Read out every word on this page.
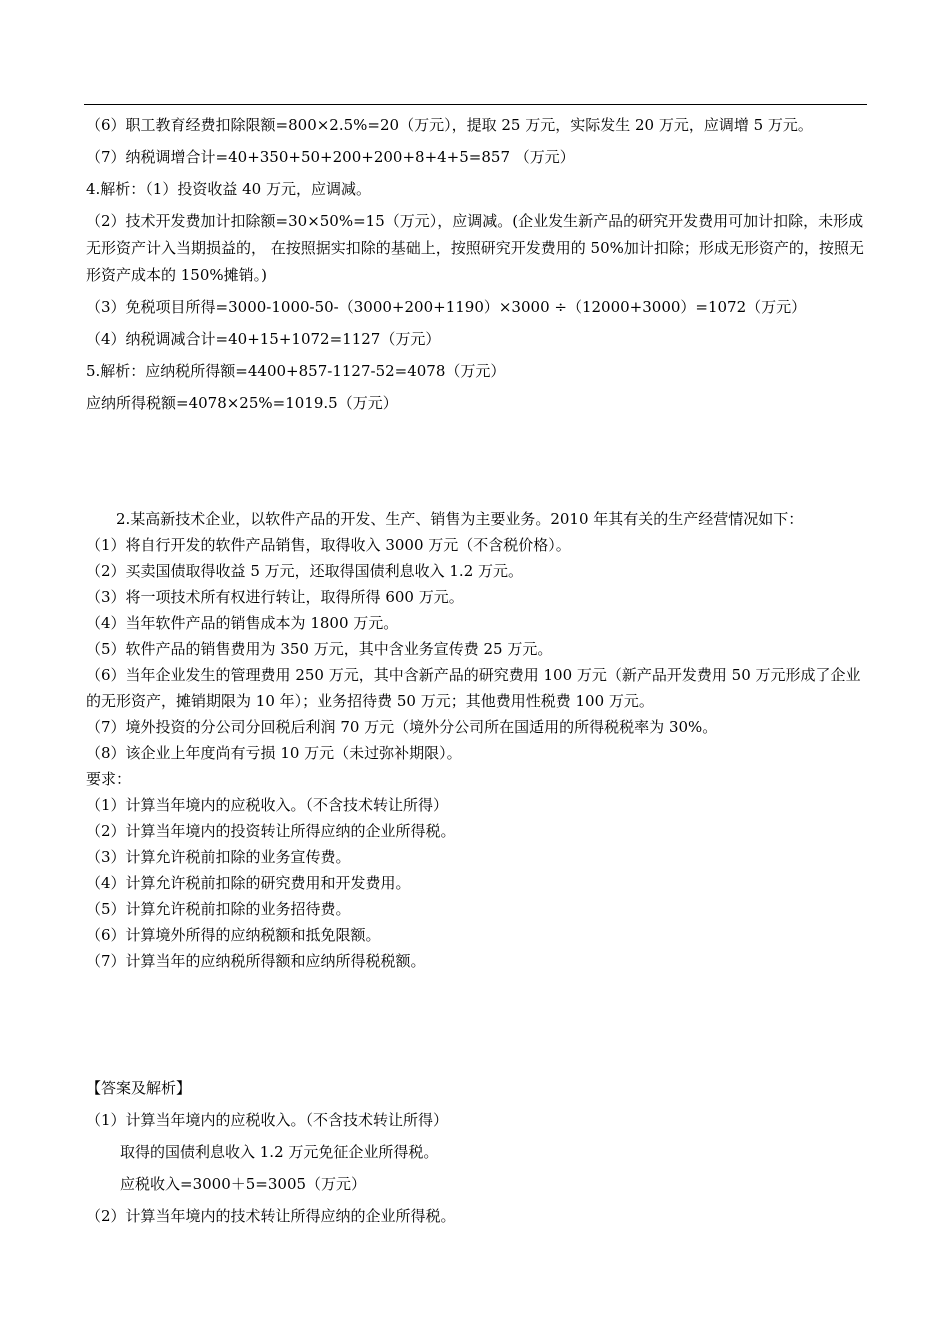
（6）职工教育经费扣除限额=800×2.5%=20（万元），提取 25 万元，实际发生 20 万元，应调增 5 万元。

（7）纳税调增合计=40+350+50+200+200+8+4+5=857 （万元）

4.解析：（1）投资收益 40 万元，应调减。

（2）技术开发费加计扣除额=30×50%=15（万元），应调减。(企业发生新产品的研究开发费用可加计扣除，未形成无形资产计入当期损益的， 在按照据实扣除的基础上，按照研究开发费用的 50%加计扣除；形成无形资产的，按照无形资产成本的 150%摊销。)

（3）免税项目所得=3000-1000-50-（3000+200+1190）×3000 ÷（12000+3000）=1072（万元）

（4）纳税调减合计=40+15+1072=1127（万元）

5.解析：应纳税所得额=4400+857-1127-52=4078（万元）

应纳所得税额=4078×25%=1019.5（万元）

2.某高新技术企业，以软件产品的开发、生产、销售为主要业务。2010 年其有关的生产经营情况如下：

（1）将自行开发的软件产品销售，取得收入 3000 万元（不含税价格）。

（2）买卖国债取得收益 5 万元，还取得国债利息收入 1.2 万元。

（3）将一项技术所有权进行转让，取得所得 600 万元。

（4）当年软件产品的销售成本为 1800 万元。

（5）软件产品的销售费用为 350 万元，其中含业务宣传费 25 万元。

（6）当年企业发生的管理费用 250 万元，其中含新产品的研究费用 100 万元（新产品开发费用 50 万元形成了企业的无形资产，摊销期限为 10 年）；业务招待费 50 万元；其他费用性税费 100 万元。

（7）境外投资的分公司分回税后利润 70 万元（境外分公司所在国适用的所得税税率为 30%。

（8）该企业上年度尚有亏损 10 万元（未过弥补期限）。

要求：

（1）计算当年境内的应税收入。（不含技术转让所得）

（2）计算当年境内的投资转让所得应纳的企业所得税。

（3）计算允许税前扣除的业务宣传费。

（4）计算允许税前扣除的研究费用和开发费用。

（5）计算允许税前扣除的业务招待费。

（6）计算境外所得的应纳税额和抵免限额。

（7）计算当年的应纳税所得额和应纳所得税税额。

【答案及解析】

（1）计算当年境内的应税收入。（不含技术转让所得）

取得的国债利息收入 1.2 万元免征企业所得税。

应税收入=3000＋5=3005（万元）

（2）计算当年境内的技术转让所得应纳的企业所得税。
